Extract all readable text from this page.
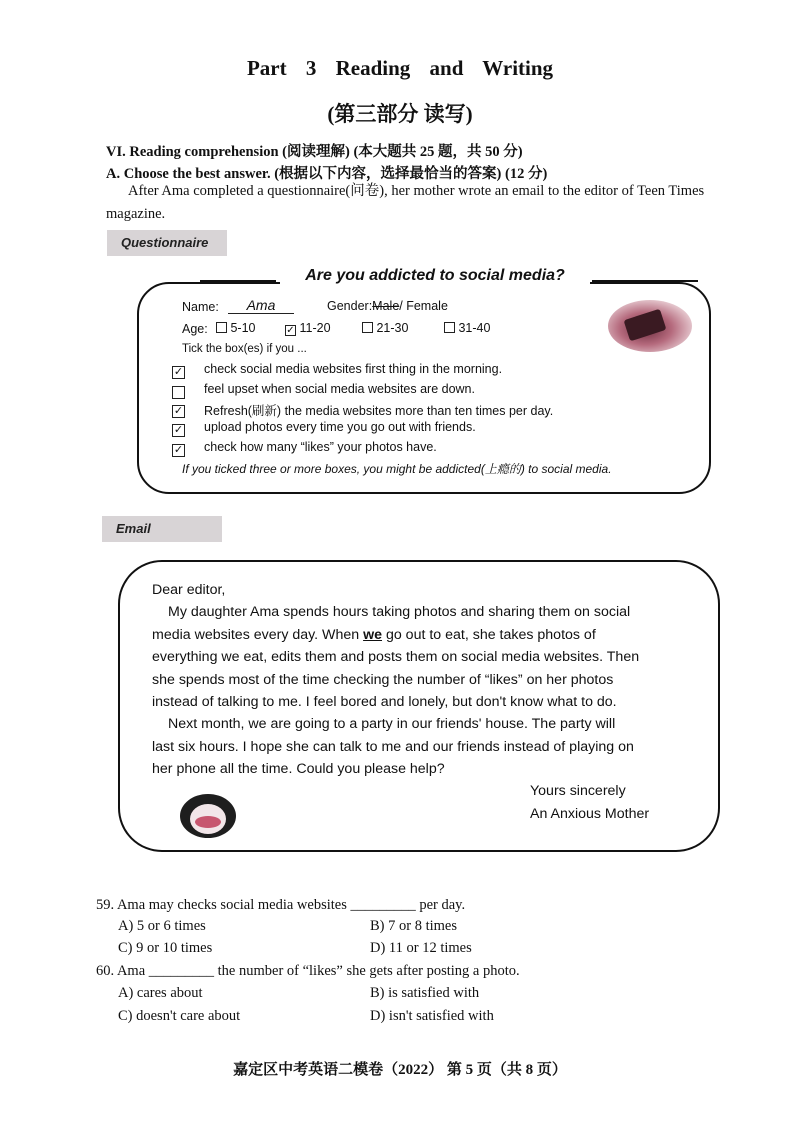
Part 3 Reading and Writing
(第三部分 读写)
VI. Reading comprehension (阅读理解) (本大题共 25 题，共 50 分)
A. Choose the best answer. (根据以下内容，选择最恰当的答案) (12 分)
After Ama completed a questionnaire(问卷), her mother wrote an email to the editor of Teen Times magazine.
Questionnaire
Are you addicted to social media?
Name:	Ama	Gender:Male/ Female
Age:	5-10	✓ 11-20	21-30	31-40
Tick the box(es) if you ...
✓ check social media websites first thing in the morning.
feel upset when social media websites are down.
✓ Refresh(刷新) the media websites more than ten times per day.
✓ upload photos every time you go out with friends.
✓ check how many “likes” your photos have.
If you ticked three or more boxes, you might be addicted(上瘾的) to social media.
Email
Dear editor,
My daughter Ama spends hours taking photos and sharing them on social
media websites every day. When we go out to eat, she takes photos of
everything we eat, edits them and posts them on social media websites. Then
she spends most of the time checking the number of “likes” on her photos
instead of talking to me. I feel bored and lonely, but don't know what to do.
Next month, we are going to a party in our friends' house. The party will
last six hours. I hope she can talk to me and our friends instead of playing on
her phone all the time. Could you please help?
Yours sincerely
An Anxious Mother
59. Ama may checks social media websites _________ per day.
A) 5 or 6 times	B) 7 or 8 times
C) 9 or 10 times	D) 11 or 12 times
60. Ama _________ the number of “likes” she gets after posting a photo.
A) cares about	B) is satisfied with
C) doesn't care about	D) isn't satisfied with
嘉定区中考英语二模卷（2022） 第 5 页（共 8 页）
